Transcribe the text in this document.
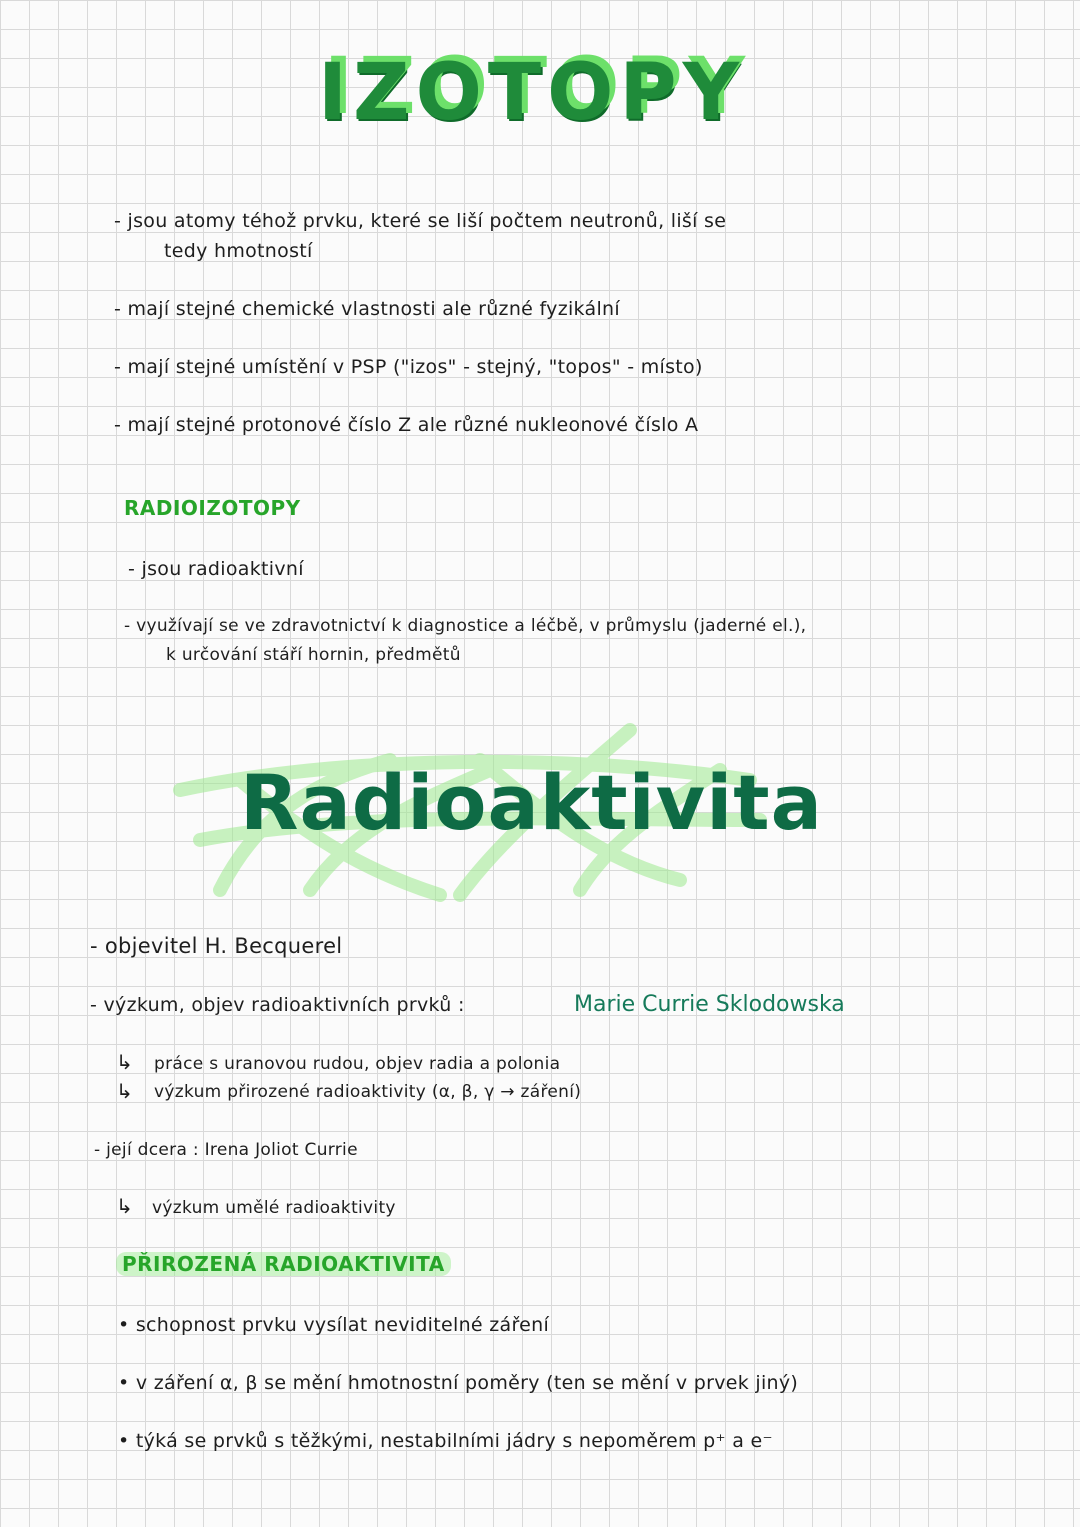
IZOTOPY
- jsou atomy téhož prvku, které se liší počtem neutronů, liší se
tedy hmotností
- mají stejné chemické vlastnosti ale různé fyzikální
- mají stejné umístění v PSP ("izos" - stejný, "topos" - místo)
- mají stejné protonové číslo Z ale různé nukleonové číslo A
RADIOIZOTOPY
- jsou radioaktivní
- využívají se ve zdravotnictví k diagnostice a léčbě, v průmyslu (jaderné el.),
k určování stáří hornin, předmětů
Radioaktivita
- objevitel H. Becquerel
- výzkum, objev radioaktivních prvků :	Marie Currie Sklodowska
↳ práce s uranovou rudou, objev radia a polonia
↳ výzkum přirozené radioaktivity (α, β, γ → záření)
- její dcera : Irena Joliot Currie
↳ výzkum umělé radioaktivity
PŘIROZENÁ RADIOAKTIVITA
• schopnost prvku vysílat neviditelné záření
• v záření α, β se mění hmotnostní poměry (ten se mění v prvek jiný)
• týká se prvků s těžkými, nestabilními jádry s nepoměrem p⁺ a e⁻
